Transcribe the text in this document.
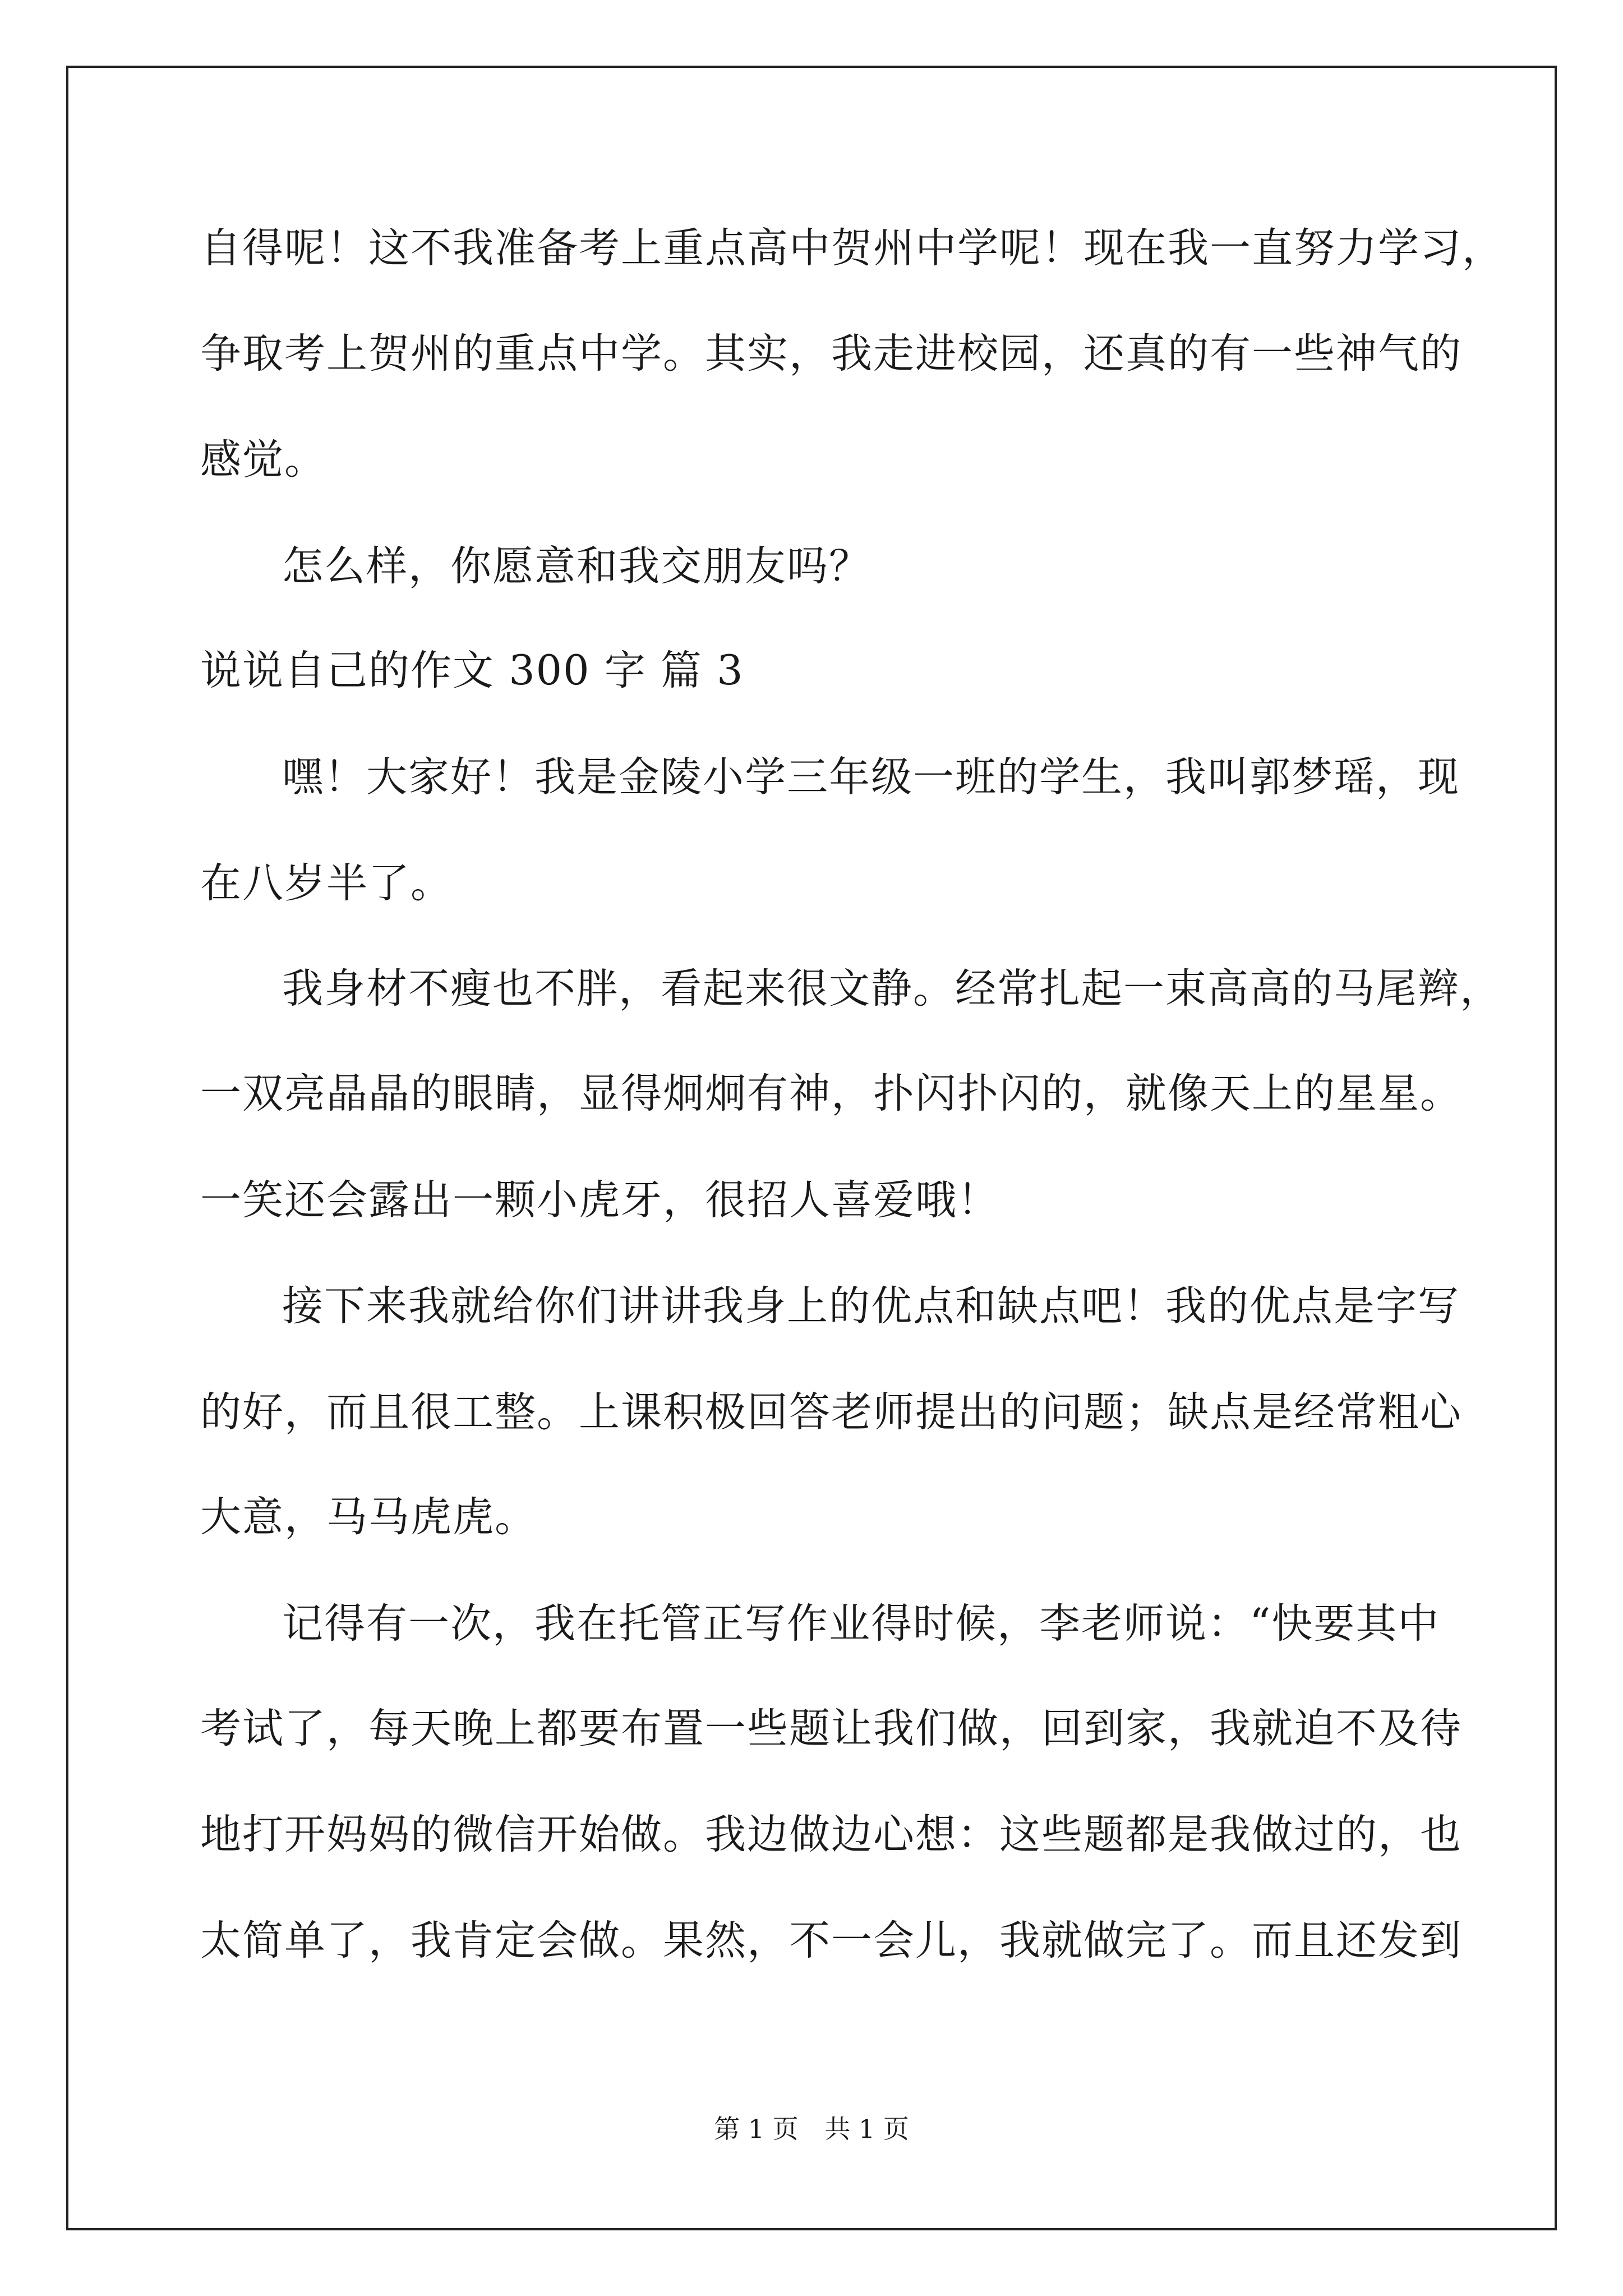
自得呢！这不我准备考上重点高中贺州中学呢！现在我一直努力学习，
争取考上贺州的重点中学。其实，我走进校园，还真的有一些神气的
感觉。
怎么样，你愿意和我交朋友吗？
说说自己的作文 300 字 篇 3
嘿！大家好！我是金陵小学三年级一班的学生，我叫郭梦瑶，现
在八岁半了。
我身材不瘦也不胖，看起来很文静。经常扎起一束高高的马尾辫，
一双亮晶晶的眼睛，显得炯炯有神，扑闪扑闪的，就像天上的星星。
一笑还会露出一颗小虎牙，很招人喜爱哦！
接下来我就给你们讲讲我身上的优点和缺点吧！我的优点是字写
的好，而且很工整。上课积极回答老师提出的问题；缺点是经常粗心
大意，马马虎虎。
记得有一次，我在托管正写作业得时候，李老师说：“快要其中
考试了，每天晚上都要布置一些题让我们做，回到家，我就迫不及待
地打开妈妈的微信开始做。我边做边心想：这些题都是我做过的，也
太简单了，我肯定会做。果然，不一会儿，我就做完了。而且还发到
第 1 页 共 1 页
